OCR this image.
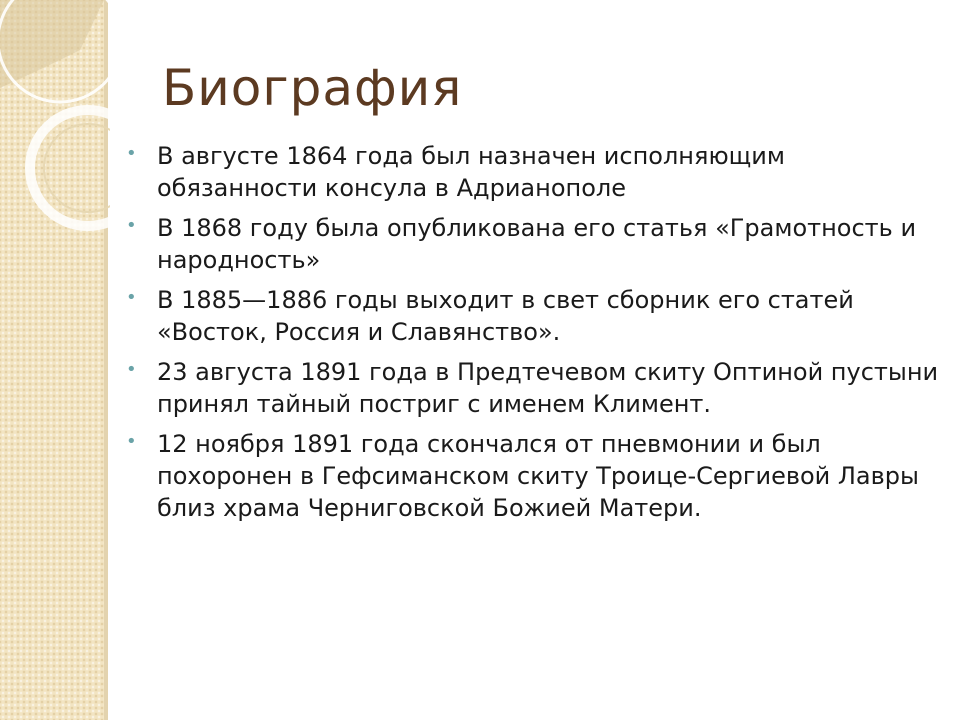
Биография
• В августе 1864 года был назначен исполняющим обязанности консула в Адрианополе
• В 1868 году была опубликована его статья «Грамотность и народность»
• В 1885—1886 годы выходит в свет сборник его статей «Восток, Россия и Славянство».
• 23 августа 1891 года в Предтечевом скиту Оптиной пустыни принял тайный постриг с именем Климент.
• 12 ноября 1891 года скончался от пневмонии и был похоронен в Гефсиманском скиту Троице-Сергиевой Лавры близ храма Черниговской Божией Матери.
